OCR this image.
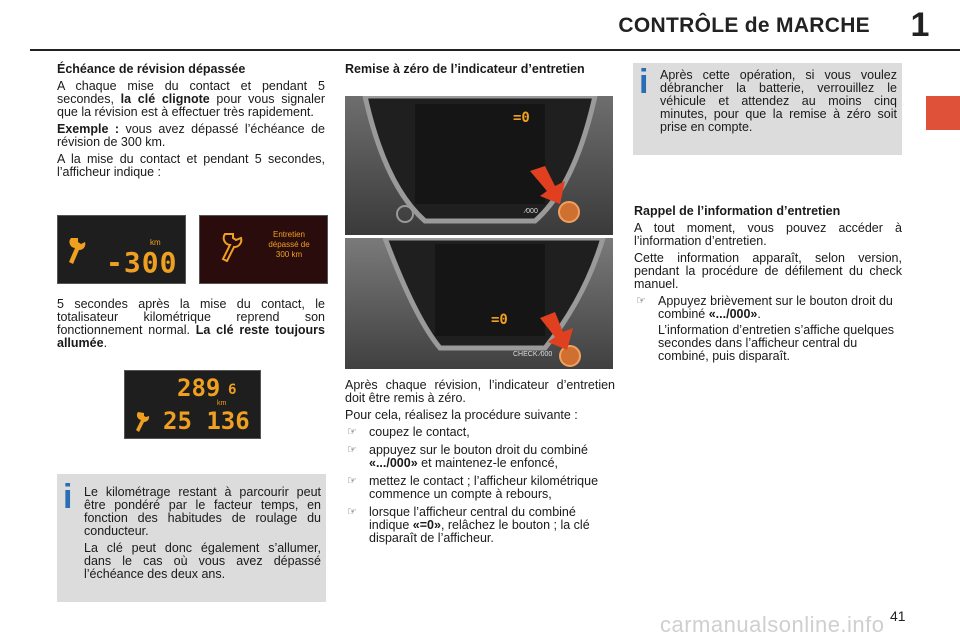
CONTRÔLE de MARCHE	1
Échéance de révision dépassée

A chaque mise du contact et pendant 5 secondes, la clé clignote pour vous signaler que la révision est à effectuer très rapidement.

Exemple : vous avez dépassé l’échéance de révision de 300 km.

A la mise du contact et pendant 5 secondes, l’afficheur indique :

km
-300
Entretien
dépassé de
300 km

5 secondes après la mise du contact, le totalisateur kilométrique reprend son fonctionnement normal. La clé reste toujours allumée.

289 6
km
25 136
i Le kilométrage restant à parcourir peut être pondéré par le facteur temps, en fonction des habitudes de roulage du conducteur.

La clé peut donc également s’allumer, dans le cas où vous avez dépassé l’échéance des deux ans.

Remise à zéro de l’indicateur d’entretien
=0
∕000
=0
CHECK ∕000

Après chaque révision, l’indicateur d’entretien doit être remis à zéro.

Pour cela, réalisez la procédure suivante :

☞ coupez le contact,
☞ appuyez sur le bouton droit du combiné «.../000» et maintenez-le enfoncé,
☞ mettez le contact ; l’afficheur kilométrique commence un compte à rebours,
☞ lorsque l’afficheur central du combiné indique «=0», relâchez le bouton ; la clé disparaît de l’afficheur.
i Après cette opération, si vous voulez débrancher la batterie, verrouillez le véhicule et attendez au moins cinq minutes, pour que la remise à zéro soit prise en compte.

Rappel de l’information d’entretien

A tout moment, vous pouvez accéder à l’information d’entretien.

Cette information apparaît, selon version, pendant la procédure de défilement du check manuel.

☞ Appuyez brièvement sur le bouton droit du combiné «.../000».
L’information d’entretien s’affiche quelques secondes dans l’afficheur central du combiné, puis disparaît.
carmanualsonline.info 41
